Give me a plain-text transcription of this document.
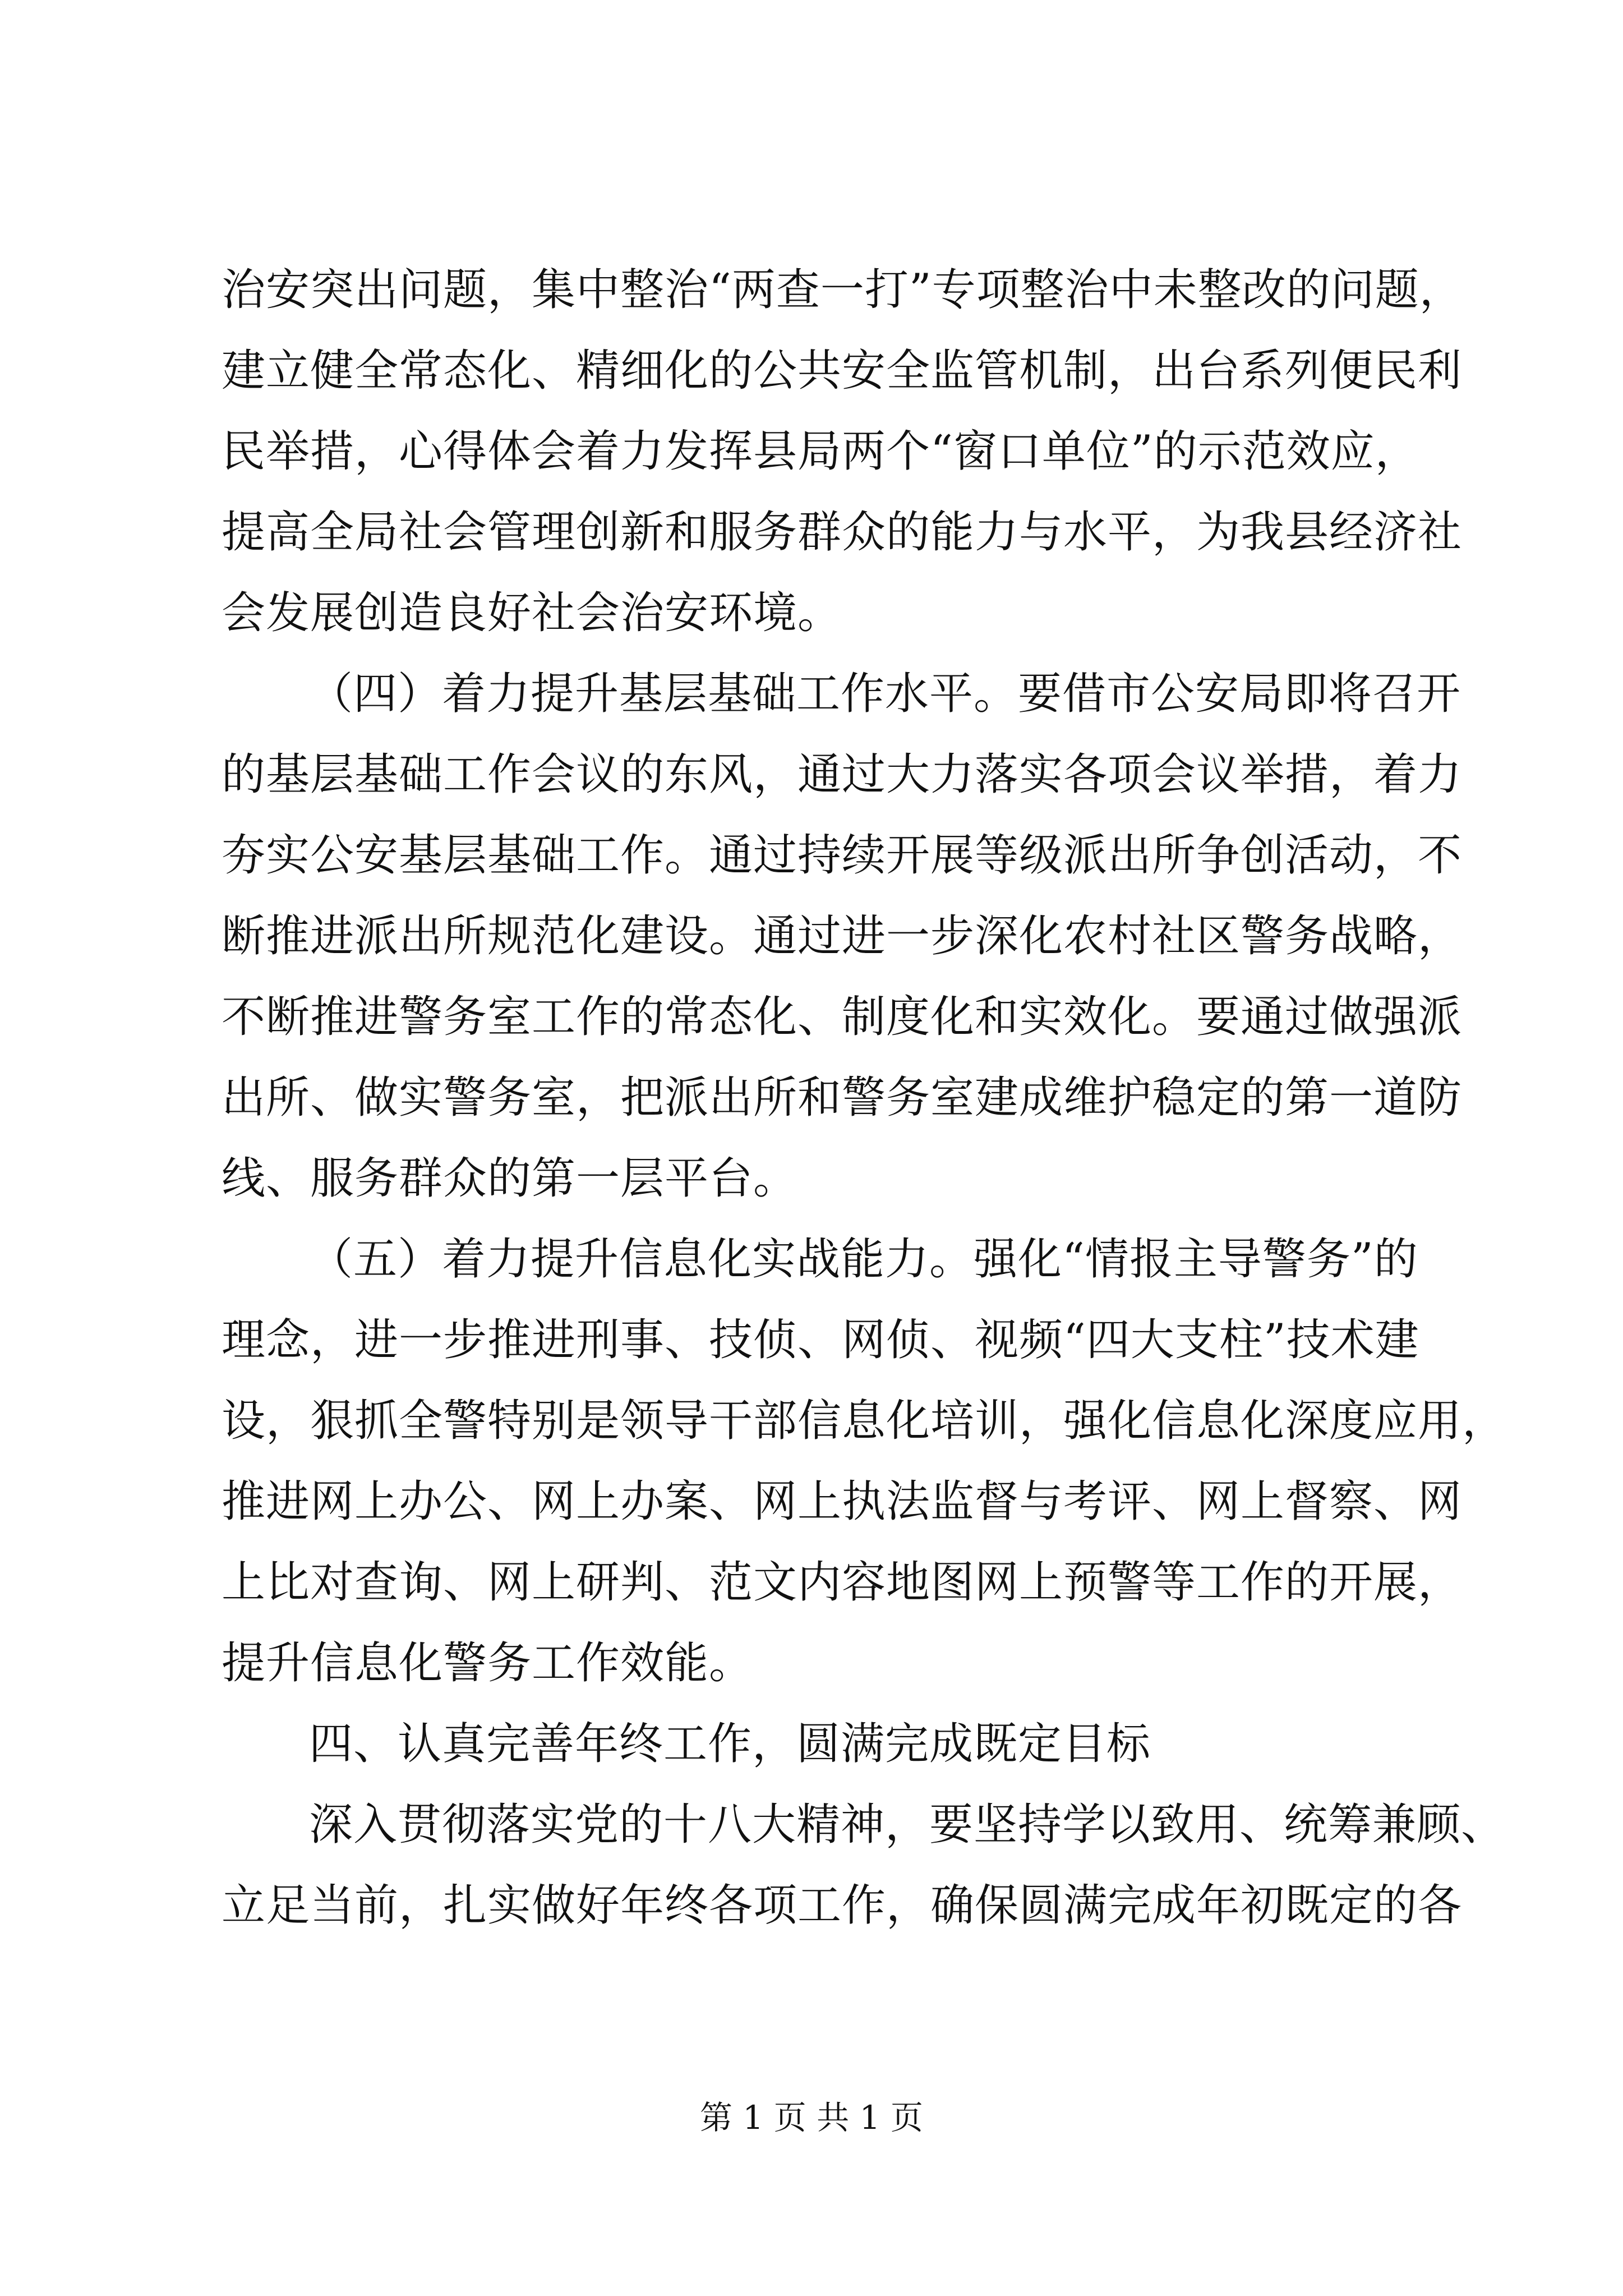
治安突出问题，集中整治“两查一打”专项整治中未整改的问题，
建立健全常态化、精细化的公共安全监管机制，出台系列便民利
民举措，心得体会着力发挥县局两个“窗口单位”的示范效应，
提高全局社会管理创新和服务群众的能力与水平，为我县经济社
会发展创造良好社会治安环境。
（四）着力提升基层基础工作水平。要借市公安局即将召开
的基层基础工作会议的东风，通过大力落实各项会议举措，着力
夯实公安基层基础工作。通过持续开展等级派出所争创活动，不
断推进派出所规范化建设。通过进一步深化农村社区警务战略，
不断推进警务室工作的常态化、制度化和实效化。要通过做强派
出所、做实警务室，把派出所和警务室建成维护稳定的第一道防
线、服务群众的第一层平台。
（五）着力提升信息化实战能力。强化“情报主导警务”的
理念，进一步推进刑事、技侦、网侦、视频“四大支柱”技术建
设，狠抓全警特别是领导干部信息化培训，强化信息化深度应用，
推进网上办公、网上办案、网上执法监督与考评、网上督察、网
上比对查询、网上研判、范文内容地图网上预警等工作的开展，
提升信息化警务工作效能。
四、认真完善年终工作，圆满完成既定目标
深入贯彻落实党的十八大精神，要坚持学以致用、统筹兼顾、
立足当前，扎实做好年终各项工作，确保圆满完成年初既定的各
第 1 页 共 1 页
